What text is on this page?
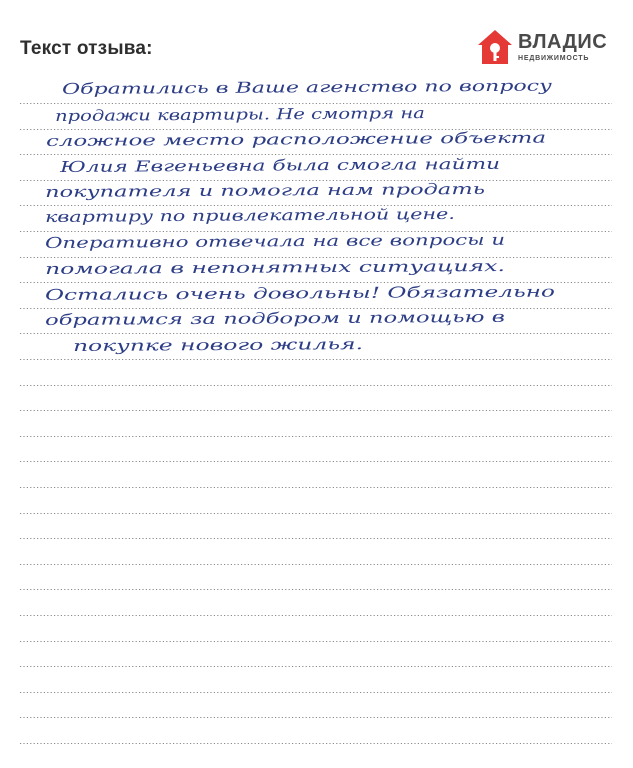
Текст отзыва:	ВЛАДИС
НЕДВИЖИМОСТЬ
Обратились в Ваше агенство по вопросу
продажи квартиры. Не смотря на
сложное место расположение объекта
Юлия Евгеньевна была смогла найти
покупателя и помогла нам продать
квартиру по привлекательной цене.
Оперативно отвечала на все вопросы и
помогала в непонятных ситуациях.
Остались очень довольны! Обязательно
обратимся за подбором и помощью в
покупке нового жилья.
